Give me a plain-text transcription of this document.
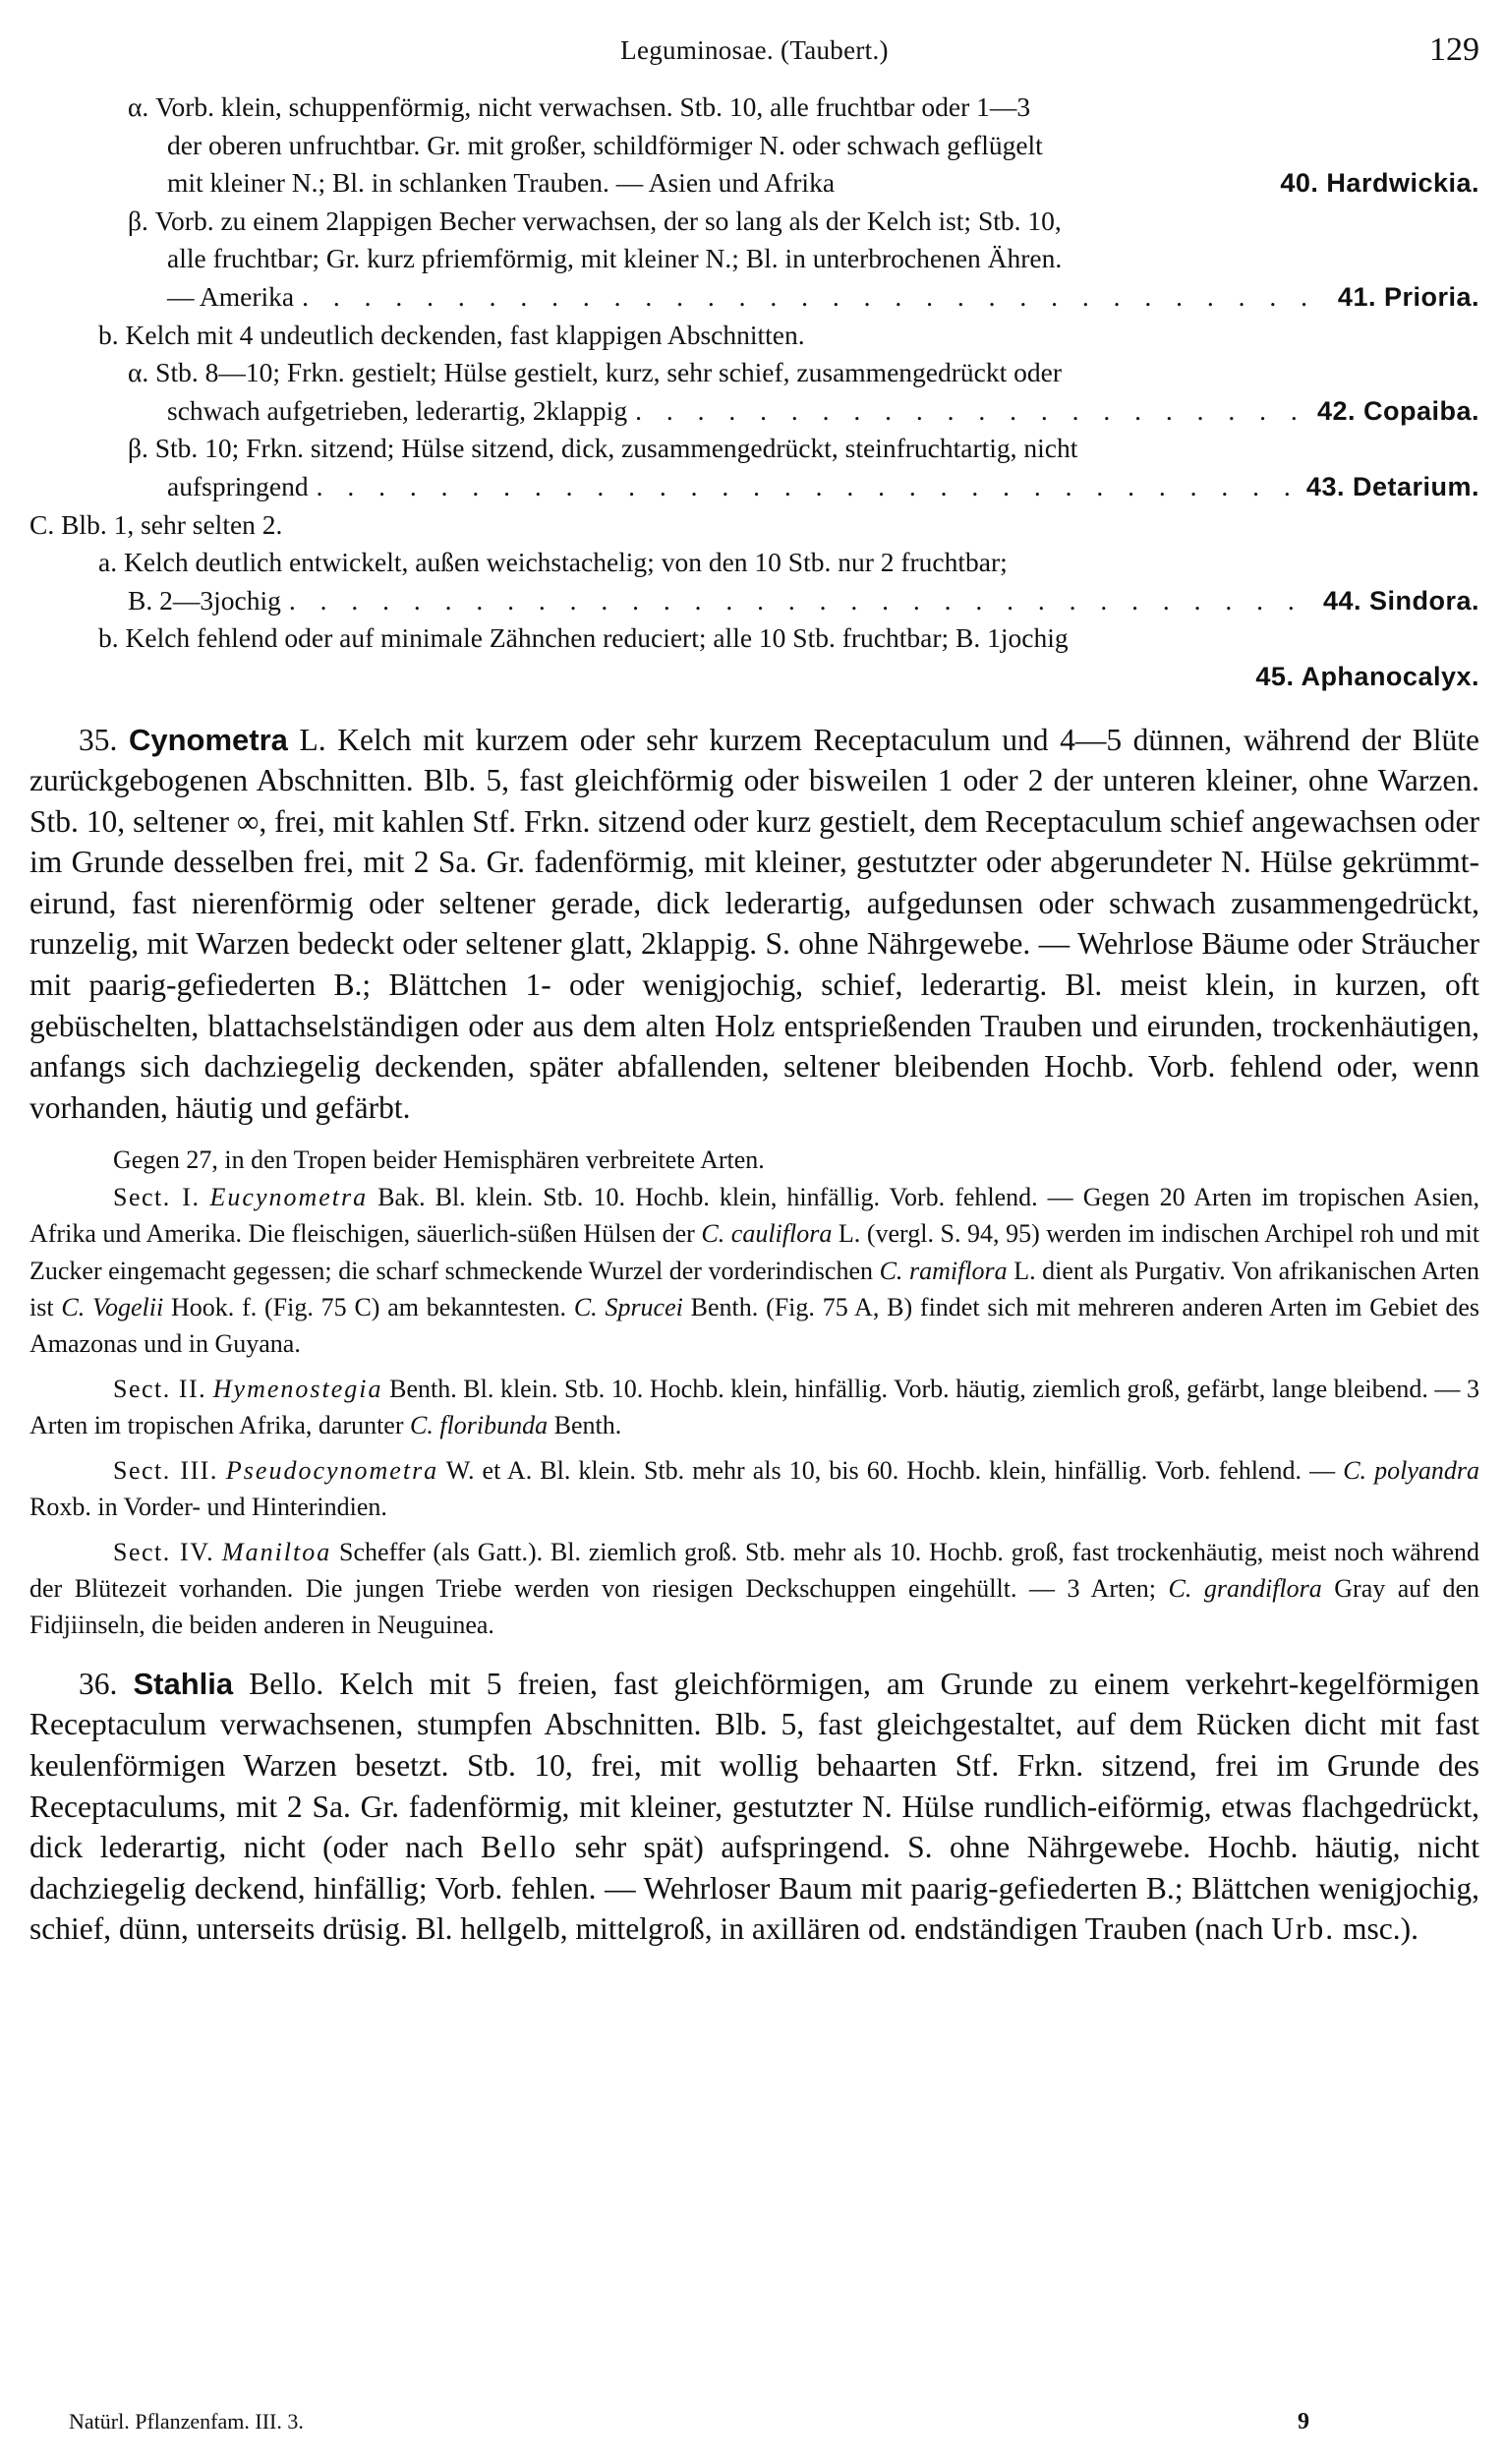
Leguminosae. (Taubert.)	129
α. Vorb. klein, schuppenförmig, nicht verwachsen. Stb. 10, alle fruchtbar oder 1—3
der oberen unfruchtbar. Gr. mit großer, schildförmiger N. oder schwach geflügelt
mit kleiner N.; Bl. in schlanken Trauben. — Asien und Afrika	40. Hardwickia.
β. Vorb. zu einem 2lappigen Becher verwachsen, der so lang als der Kelch ist; Stb. 10,
alle fruchtbar; Gr. kurz pfriemförmig, mit kleiner N.; Bl. in unterbrochenen Ähren.
— Amerika . . .	41. Prioria.
b. Kelch mit 4 undeutlich deckenden, fast klappigen Abschnitten.
α. Stb. 8—10; Frkn. gestielt; Hülse gestielt, kurz, sehr schief, zusammengedrückt oder
schwach aufgetrieben, lederartig, 2klappig . . .	42. Copaiba.
β. Stb. 10; Frkn. sitzend; Hülse sitzend, dick, zusammengedrückt, steinfruchtartig, nicht
aufspringend . . .	43. Detarium.
C. Blb. 1, sehr selten 2.
a. Kelch deutlich entwickelt, außen weichstachelig; von den 10 Stb. nur 2 fruchtbar;
B. 2—3jochig . . .	44. Sindora.
b. Kelch fehlend oder auf minimale Zähnchen reduciert; alle 10 Stb. fruchtbar; B. 1jochig
45. Aphanocalyx.
35. Cynometra L. Kelch mit kurzem oder sehr kurzem Receptaculum und 4—5 dünnen, während der Blüte zurückgebogenen Abschnitten. Blb. 5, fast gleichförmig oder bisweilen 1 oder 2 der unteren kleiner, ohne Warzen. Stb. 10, seltener ∞, frei, mit kahlen Stf. Frkn. sitzend oder kurz gestielt, dem Receptaculum schief angewachsen oder im Grunde desselben frei, mit 2 Sa. Gr. fadenförmig, mit kleiner, gestutzter oder abgerundeter N. Hülse gekrümmt-eirund, fast nierenförmig oder seltener gerade, dick lederartig, aufgedunsen oder schwach zusammengedrückt, runzelig, mit Warzen bedeckt oder seltener glatt, 2klappig. S. ohne Nährgewebe. — Wehrlose Bäume oder Sträucher mit paarig-gefiederten B.; Blättchen 1- oder wenigjochig, schief, lederartig. Bl. meist klein, in kurzen, oft gebüschelten, blattachselständigen oder aus dem alten Holz entsprießenden Trauben und eirunden, trockenhäutigen, anfangs sich dachziegelig deckenden, später abfallenden, seltener bleibenden Hochb. Vorb. fehlend oder, wenn vorhanden, häutig und gefärbt.

Gegen 27, in den Tropen beider Hemisphären verbreitete Arten.

Sect. I. Eucynometra Bak. Bl. klein. Stb. 10. Hochb. klein, hinfällig. Vorb. fehlend. — Gegen 20 Arten im tropischen Asien, Afrika und Amerika. Die fleischigen, säuerlich-süßen Hülsen der C. cauliflora L. (vergl. S. 94, 95) werden im indischen Archipel roh und mit Zucker eingemacht gegessen; die scharf schmeckende Wurzel der vorderindischen C. ramiflora L. dient als Purgativ. Von afrikanischen Arten ist C. Vogelii Hook. f. (Fig. 75 C) am bekanntesten. C. Sprucei Benth. (Fig. 75 A, B) findet sich mit mehreren anderen Arten im Gebiet des Amazonas und in Guyana.

Sect. II. Hymenostegia Benth. Bl. klein. Stb. 10. Hochb. klein, hinfällig. Vorb. häutig, ziemlich groß, gefärbt, lange bleibend. — 3 Arten im tropischen Afrika, darunter C. floribunda Benth.

Sect. III. Pseudocynometra W. et A. Bl. klein. Stb. mehr als 10, bis 60. Hochb. klein, hinfällig. Vorb. fehlend. — C. polyandra Roxb. in Vorder- und Hinterindien.

Sect. IV. Maniltoa Scheffer (als Gatt.). Bl. ziemlich groß. Stb. mehr als 10. Hochb. groß, fast trockenhäutig, meist noch während der Blütezeit vorhanden. Die jungen Triebe werden von riesigen Deckschuppen eingehüllt. — 3 Arten; C. grandiflora Gray auf den Fidjiinseln, die beiden anderen in Neuguinea.

36. Stahlia Bello. Kelch mit 5 freien, fast gleichförmigen, am Grunde zu einem verkehrt-kegelförmigen Receptaculum verwachsenen, stumpfen Abschnitten. Blb. 5, fast gleichgestaltet, auf dem Rücken dicht mit fast keulenförmigen Warzen besetzt. Stb. 10, frei, mit wollig behaarten Stf. Frkn. sitzend, frei im Grunde des Receptaculums, mit 2 Sa. Gr. fadenförmig, mit kleiner, gestutzter N. Hülse rundlich-eiförmig, etwas flachgedrückt, dick lederartig, nicht (oder nach Bello sehr spät) aufspringend. S. ohne Nährgewebe. Hochb. häutig, nicht dachziegelig deckend, hinfällig; Vorb. fehlen. — Wehrloser Baum mit paarig-gefiederten B.; Blättchen wenigjochig, schief, dünn, unterseits drüsig. Bl. hellgelb, mittelgroß, in axillären od. endständigen Trauben (nach Urb. msc.).
Natürl. Pflanzenfam. III. 3.	9
